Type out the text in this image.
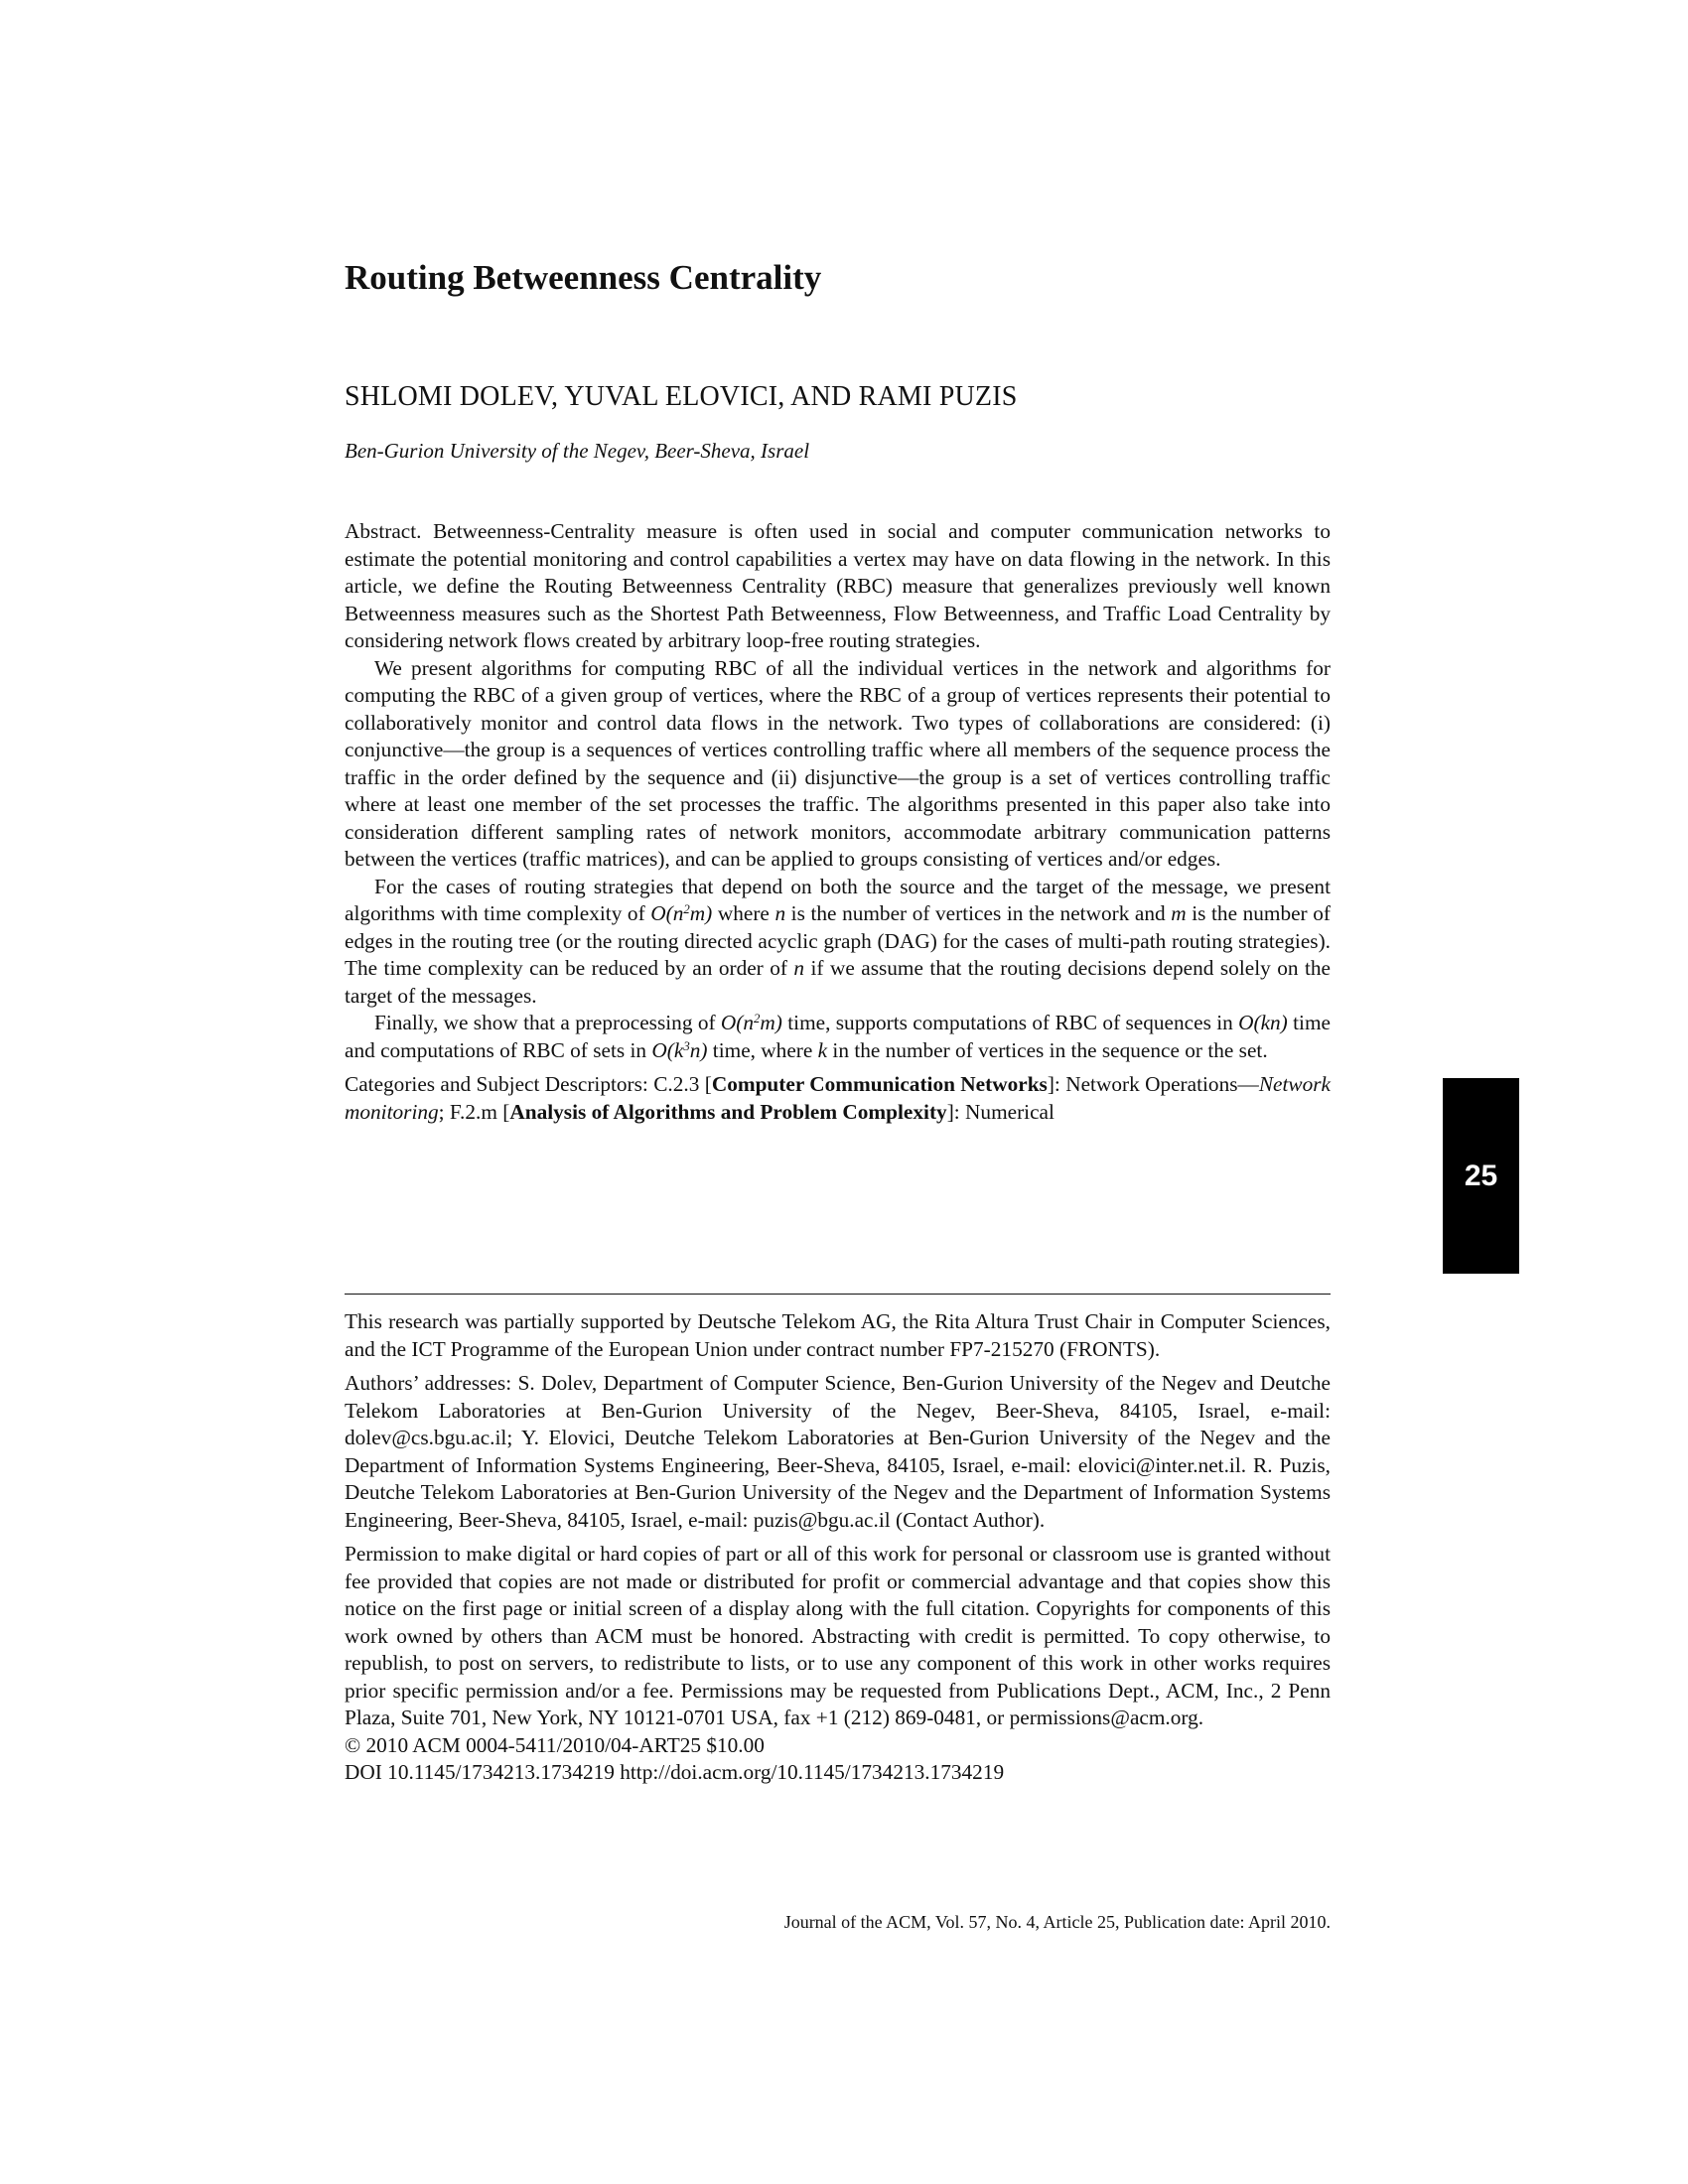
Routing Betweenness Centrality
SHLOMI DOLEV, YUVAL ELOVICI, AND RAMI PUZIS
Ben-Gurion University of the Negev, Beer-Sheva, Israel

Abstract. Betweenness-Centrality measure is often used in social and computer communication networks to estimate the potential monitoring and control capabilities a vertex may have on data flowing in the network. In this article, we define the Routing Betweenness Centrality (RBC) measure that generalizes previously well known Betweenness measures such as the Shortest Path Betweenness, Flow Betweenness, and Traffic Load Centrality by considering network flows created by arbitrary loop-free routing strategies.

We present algorithms for computing RBC of all the individual vertices in the network and algorithms for computing the RBC of a given group of vertices, where the RBC of a group of vertices represents their potential to collaboratively monitor and control data flows in the network. Two types of collaborations are considered: (i) conjunctive—the group is a sequences of vertices controlling traffic where all members of the sequence process the traffic in the order defined by the sequence and (ii) disjunctive—the group is a set of vertices controlling traffic where at least one member of the set processes the traffic. The algorithms presented in this paper also take into consideration different sampling rates of network monitors, accommodate arbitrary communication patterns between the vertices (traffic matrices), and can be applied to groups consisting of vertices and/or edges.

For the cases of routing strategies that depend on both the source and the target of the message, we present algorithms with time complexity of $O(n^2m)$ where n is the number of vertices in the network and m is the number of edges in the routing tree (or the routing directed acyclic graph (DAG) for the cases of multi-path routing strategies). The time complexity can be reduced by an order of n if we assume that the routing decisions depend solely on the target of the messages.

Finally, we show that a preprocessing of $O(n^2m)$ time, supports computations of RBC of sequences in O(kn) time and computations of RBC of sets in $O(k^3n)$ time, where k in the number of vertices in the sequence or the set.

Categories and Subject Descriptors: C.2.3 [Computer Communication Networks]: Network Operations—Network monitoring; F.2.m [Analysis of Algorithms and Problem Complexity]: Numerical

This research was partially supported by Deutsche Telekom AG, the Rita Altura Trust Chair in Computer Sciences, and the ICT Programme of the European Union under contract number FP7-215270 (FRONTS).

Authors’ addresses: S. Dolev, Department of Computer Science, Ben-Gurion University of the Negev and Deutche Telekom Laboratories at Ben-Gurion University of the Negev, Beer-Sheva, 84105, Israel, e-mail: dolev@cs.bgu.ac.il; Y. Elovici, Deutche Telekom Laboratories at Ben-Gurion University of the Negev and the Department of Information Systems Engineering, Beer-Sheva, 84105, Israel, e-mail: elovici@inter.net.il. R. Puzis, Deutche Telekom Laboratories at Ben-Gurion University of the Negev and the Department of Information Systems Engineering, Beer-Sheva, 84105, Israel, e-mail: puzis@bgu.ac.il (Contact Author).

Permission to make digital or hard copies of part or all of this work for personal or classroom use is granted without fee provided that copies are not made or distributed for profit or commercial advantage and that copies show this notice on the first page or initial screen of a display along with the full citation. Copyrights for components of this work owned by others than ACM must be honored. Abstracting with credit is permitted. To copy otherwise, to republish, to post on servers, to redistribute to lists, or to use any component of this work in other works requires prior specific permission and/or a fee. Permissions may be requested from Publications Dept., ACM, Inc., 2 Penn Plaza, Suite 701, New York, NY 10121-0701 USA, fax +1 (212) 869-0481, or permissions@acm.org.
© 2010 ACM 0004-5411/2010/04-ART25 $10.00
DOI 10.1145/1734213.1734219 http://doi.acm.org/10.1145/1734213.1734219

Journal of the ACM, Vol. 57, No. 4, Article 25, Publication date: April 2010.
25
